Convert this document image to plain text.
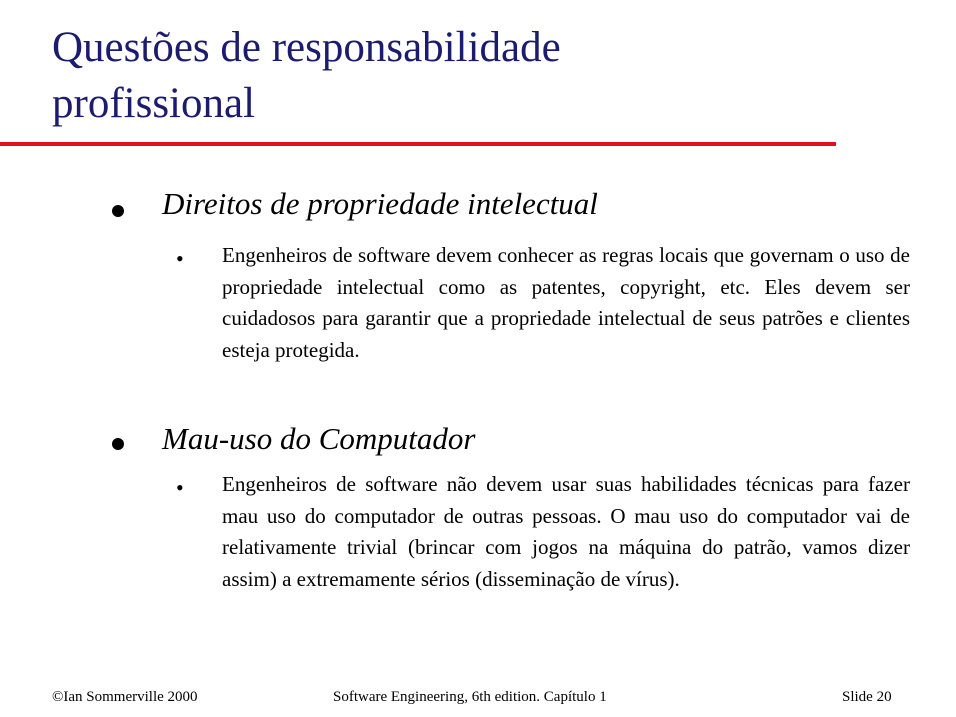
Questões de responsabilidade
profissional
Direitos de propriedade intelectual
• Engenheiros de software devem conhecer as regras locais que governam o uso de propriedade intelectual como as patentes, copyright, etc. Eles devem ser cuidadosos para garantir que a propriedade intelectual de seus patrões e clientes esteja protegida.

Mau-uso do Computador
• Engenheiros de software não devem usar suas habilidades técnicas para fazer mau uso do computador de outras pessoas. O mau uso do computador vai de relativamente trivial (brincar com jogos na máquina do patrão, vamos dizer assim) a extremamente sérios (disseminação de vírus).

©Ian Sommerville 2000	Software Engineering, 6th edition. Capítulo 1	Slide 20
